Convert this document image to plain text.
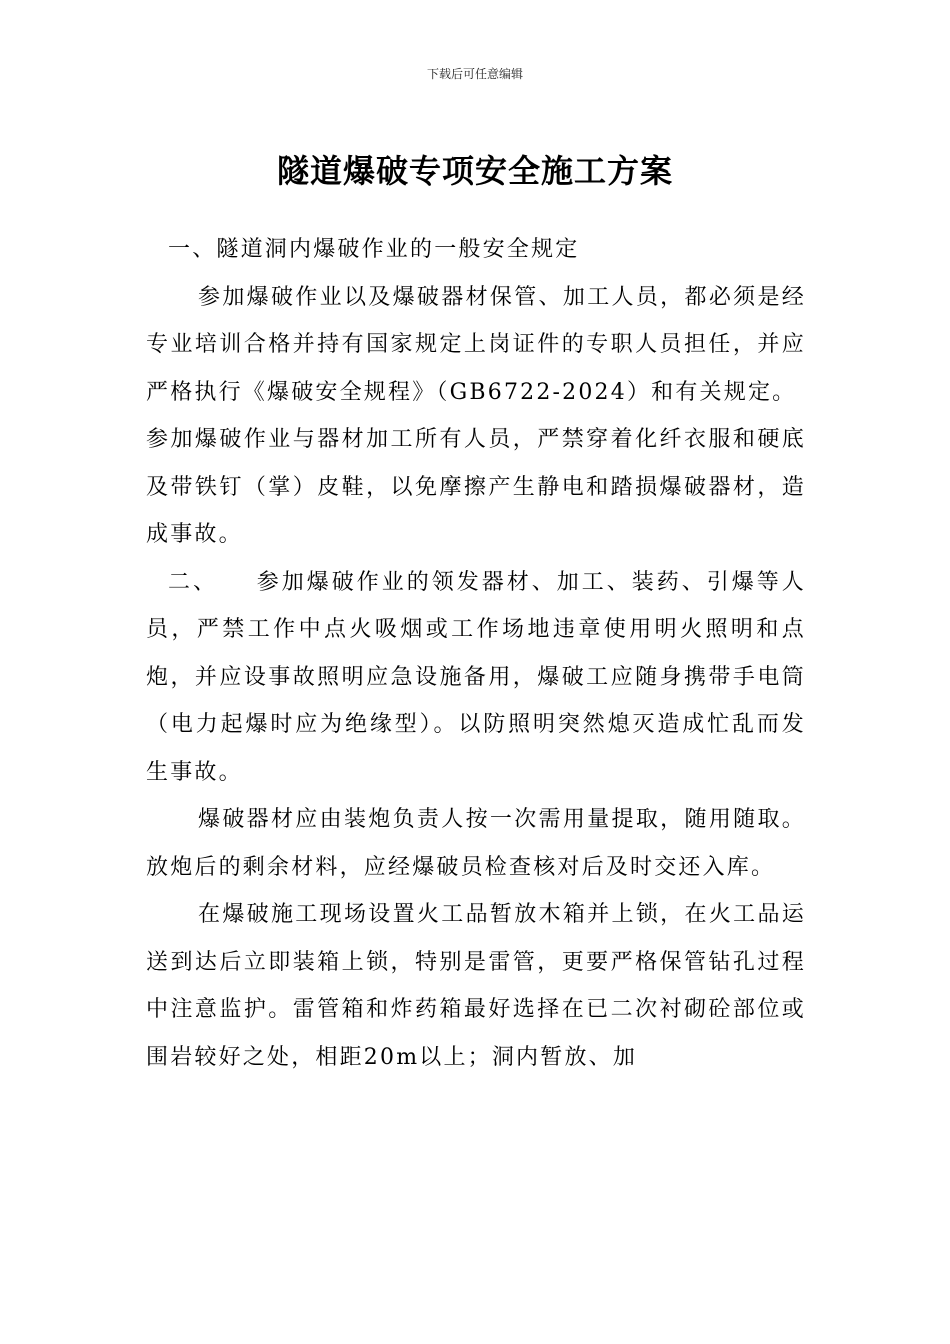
下载后可任意编辑
隧道爆破专项安全施工方案

一、隧道洞内爆破作业的一般安全规定

参加爆破作业以及爆破器材保管、加工人员，都必须是经专业培训合格并持有国家规定上岗证件的专职人员担任，并应严格执行《爆破安全规程》（GB6722-2024）和有关规定。

参加爆破作业与器材加工所有人员，严禁穿着化纤衣服和硬底及带铁钉（掌）皮鞋，以免摩擦产生静电和踏损爆破器材，造成事故。

二、 参加爆破作业的领发器材、加工、装药、引爆等人员，严禁工作中点火吸烟或工作场地违章使用明火照明和点炮，并应设事故照明应急设施备用，爆破工应随身携带手电筒（电力起爆时应为绝缘型）。以防照明突然熄灭造成忙乱而发生事故。

爆破器材应由装炮负责人按一次需用量提取，随用随取。放炮后的剩余材料，应经爆破员检查核对后及时交还入库。

在爆破施工现场设置火工品暂放木箱并上锁，在火工品运送到达后立即装箱上锁，特别是雷管，更要严格保管钻孔过程中注意监护。雷管箱和炸药箱最好选择在已二次衬砌砼部位或围岩较好之处，相距20m以上；洞内暂放、加
